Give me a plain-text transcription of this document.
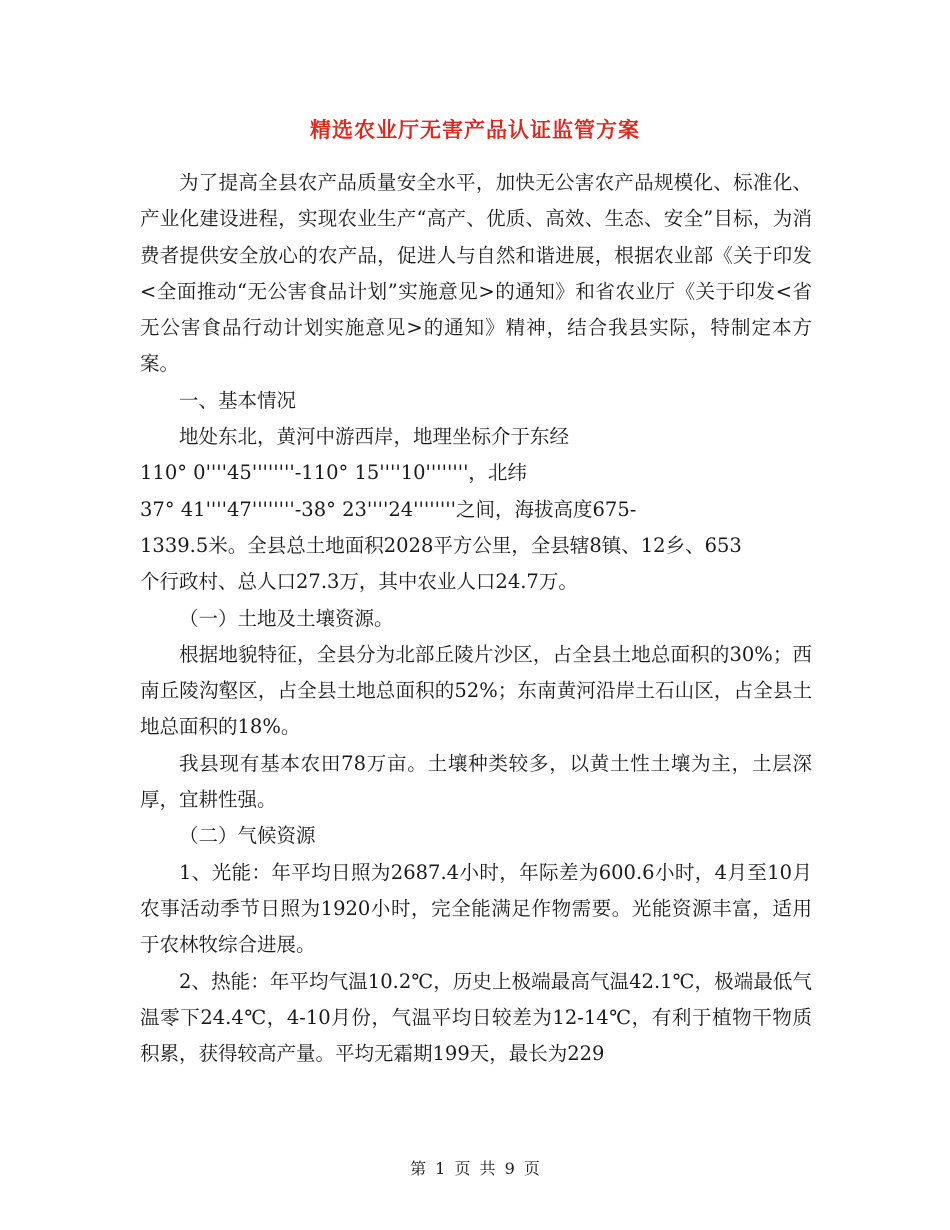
精选农业厅无害产品认证监管方案

为了提高全县农产品质量安全水平，加快无公害农产品规模化、标准化、产业化建设进程，实现农业生产“高产、优质、高效、生态、安全”目标，为消费者提供安全放心的农产品，促进人与自然和谐进展，根据农业部《关于印发<全面推动“无公害食品计划”实施意见>的通知》和省农业厅《关于印发<省无公害食品行动计划实施意见>的通知》精神，结合我县实际，特制定本方案。

一、基本情况

地处东北，黄河中游西岸，地理坐标介于东经

110° 0''''45''''''''-110° 15''''10''''''''，北纬
37° 41''''47''''''''-38° 23''''24''''''''之间，海拔高度675-
1339.5米。全县总土地面积2028平方公里，全县辖8镇、12乡、653
个行政村、总人口27.3万，其中农业人口24.7万。

（一）土地及土壤资源。

根据地貌特征，全县分为北部丘陵片沙区，占全县土地总面积的30%；西南丘陵沟壑区，占全县土地总面积的52%；东南黄河沿岸土石山区，占全县土地总面积的18%。

我县现有基本农田78万亩。土壤种类较多，以黄土性土壤为主，土层深厚，宜耕性强。

（二）气候资源

1、光能：年平均日照为2687.4小时，年际差为600.6小时，4月至10月农事活动季节日照为1920小时，完全能满足作物需要。光能资源丰富，适用于农林牧综合进展。

2、热能：年平均气温10.2℃，历史上极端最高气温42.1℃，极端最低气温零下24.4℃，4-10月份，气温平均日较差为12-14℃，有利于植物干物质积累，获得较高产量。平均无霜期199天，最长为229

第 1 页 共 9 页
